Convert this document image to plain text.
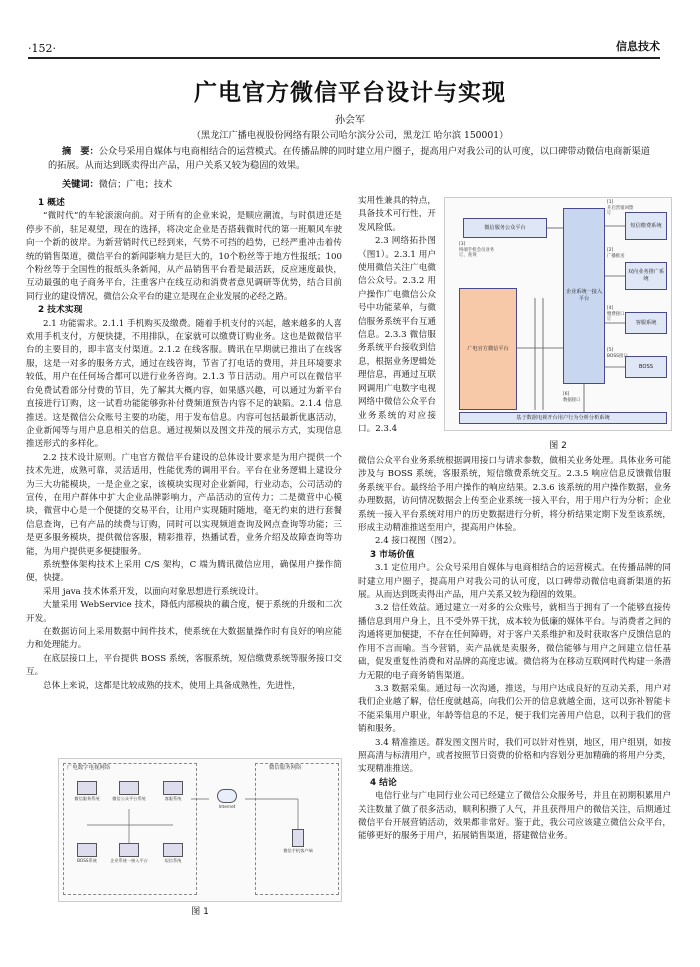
·152·	信息技术
广电官方微信平台设计与实现
孙会军
（黑龙江广播电视股份网络有限公司哈尔滨分公司，黑龙江 哈尔滨 150001）
摘　要：公众号采用自媒体与电商相结合的运营模式。在传播品牌的同时建立用户圈子，提高用户对我公司的认可度，以口碑带动微信电商新渠道的拓展。从而达到既卖得出产品，用户关系又较为稳固的效果。
关键词：微信；广电；技术

1 概述

“微时代”的车轮滚滚向前。对于所有的企业来说，是顺应潮流，与时俱进还是停步不前，驻足观望，现在的选择，将决定企业是否搭载微时代的第一班顺风车驶向一个新的彼岸。为新营销时代已经到来，气势不可挡的趋势，已经严重冲击着传统的销售渠道，微信平台的新闻影响力是巨大的，10个粉丝等于地方性报纸；100个粉丝等于全国性的报纸头条新闻，从产品销售平台看是最活跃，反应速度最快，互动最强的电子商务平台，注重客户在线互动和消费者意见调研等优势，结合目前同行业的建设情况，微信公众平台的建立是现在企业发展的必经之路。

2 技术实现

2.1 功能需求。2.1.1 手机购买及缴费。随着手机支付的兴起，越来越多的人喜欢用手机支付，方便快捷，不用排队，在家就可以缴费订购业务。这也是做微信平台的主要目的，即丰富支付渠道。2.1.2 在线客服。腾讯在早期就已推出了在线客服，这是一对多的服务方式，通过在线咨询，节省了打电话的费用，并且环境要求较低，用户在任何场合都可以进行业务咨询。2.1.3 节日活动。用户可以在微信平台免费试看部分付费的节目，先了解其大概内容，如果感兴趣，可以通过为新平台直接进行订购，这一试看功能能够弥补付费频道预告内容不足的缺陷。2.1.4 信息推送。这是微信公众账号主要的功能，用于发布信息。内容可包括最新优惠活动，企业新闻等与用户息息相关的信息。通过视频以及图文并茂的展示方式，实现信息推送形式的多样化。

2.2 技术设计原则。广电官方微信平台建设的总体设计要求是为用户提供一个技术先进，成熟可靠，灵活适用，性能优秀的调用平台。平台在业务逻辑上建设分为三大功能模块，一是企业之家，该模块实现对企业新闻，行业动态，公司活动的宣传，在用户群体中扩大企业品牌影响力，产品活动的宣传力；二是微营中心模块，微营中心是一个便捷的交易平台，让用户实现随时随地，毫无约束的进行套餐信息查询，已有产品的续费与订购，同时可以实现频道查询及网点查询等功能；三是更多服务模块，提供微信客服，精彩推荐，热播试看，业务介绍及故障查询等功能，为用户提供更多便捷服务。

系统整体架构技术上采用 C/S 架构，C 端为腾讯微信应用，确保用户操作简便，快捷。

采用 java 技术体系开发，以面向对象思想进行系统设计。

大量采用 WebService 技术，降低内部模块的藕合度，便于系统的升级和二次开发。

在数据访问上采用数据中间件技术，使系统在大数据量操作时有良好的响应能力和处理能力。

在底层接口上，平台提供 BOSS 系统，客服系统，短信缴费系统等服务接口交互。

总体上来说，这都是比较成熟的技术，使用上具备成熟性，先进性，

实用性兼具的特点，具备技术可行性，开发风险低。

2.3 网络拓扑图（图1）。2.3.1 用户使用微信关注广电微信公众号。2.3.2 用户操作广电微信公众号中功能菜单，与微信服务系统平台互通信息。2.3.3 微信服务系统平台接收到信息，根据业务逻辑处理信息，再通过互联网调用广电数字电视网络中微信公众平台业务系统的对应接口。2.3.4

微信服务公众平台
广电官方微信平台
企业系统一接入平台
短信缴费系统
双向业务推广系统
客服系统
BOSS
基于数据电视开台用户行为分析分析系统
[1]
开启营销回馈
订
[2]
广播推送
[3]
终端手机会员业务
订，查询
[4]
缴费接口
订
[5]
BOSS接口
[6]
数据接口
图 2

微信公众平台业务系统根据调用接口与请求参数，做相关业务处理。具体业务可能涉及与 BOSS 系统，客服系统，短信缴费系统交互。2.3.5 响应信息反馈微信服务系统平台。最终给予用户操作的响应结果。2.3.6 该系统的用户操作数据，业务办理数据，访问情况数据会上传至企业系统一接入平台，用于用户行为分析；企业系统一接入平台系统对用户的历史数据进行分析，将分析结果定期下发至该系统，形成主动精准推送至用户，提高用户体验。

2.4 接口视图（图2）。

3 市场价值

3.1 定位用户。公众号采用自媒体与电商相结合的运营模式。在传播品牌的同时建立用户圈子，提高用户对我公司的认可度，以口碑带动微信电商新渠道的拓展。从而达到既卖得出产品，用户关系又较为稳固的效果。

3.2 信任效益。通过建立一对多的公众账号，就相当于拥有了一个能够直接传播信息到用户身上，且不受外界干扰，成本较为低廉的媒体平台。与消费者之间的沟通将更加便捷，不存在任何障碍，对于客户关系维护和及时获取客户反馈信息的作用不言而喻。当今营销，卖产品就是卖服务，微信能够与用户之间建立信任基础，促发重复性消费和对品牌的高度忠诚。微信将为在移动互联网时代构建一条潜力无限的电子商务销售渠道。

3.3 数据采集。通过每一次沟通，推送，与用户达成良好的互动关系，用户对我们企业越了解，信任度就越高，向我们公开的信息就越全面，这可以弥补智能卡不能采集用户职业，年龄等信息的不足，便于我们完善用户信息，以利于我们的营销和服务。

3.4 精准推送。群发图文图片时，我们可以针对性别，地区，用户组别，如按照高清与标清用户，或者按照节日资费的价格和内容划分更加精确的将用户分类，实现精准推送。

4 结论

电信行业与广电同行业公司已经建立了微信公众服务号，并且在初期积累用户关注数量了做了很多活动，顺利积攒了人气，并且获得用户的微信关注，后期通过微信平台开展营销活动，效果都非常好。鉴于此，我公司应该建立微信公众平台，能够更好的服务于用户，拓展销售渠道，搭建微信业务。

广电数字电视网络	微信服务网络
微信服务系统	微信公众平台系统	客服系统
BOSS系统	企业系统一接入平台	短信系统
微信手机客户端
Internet
图 1
